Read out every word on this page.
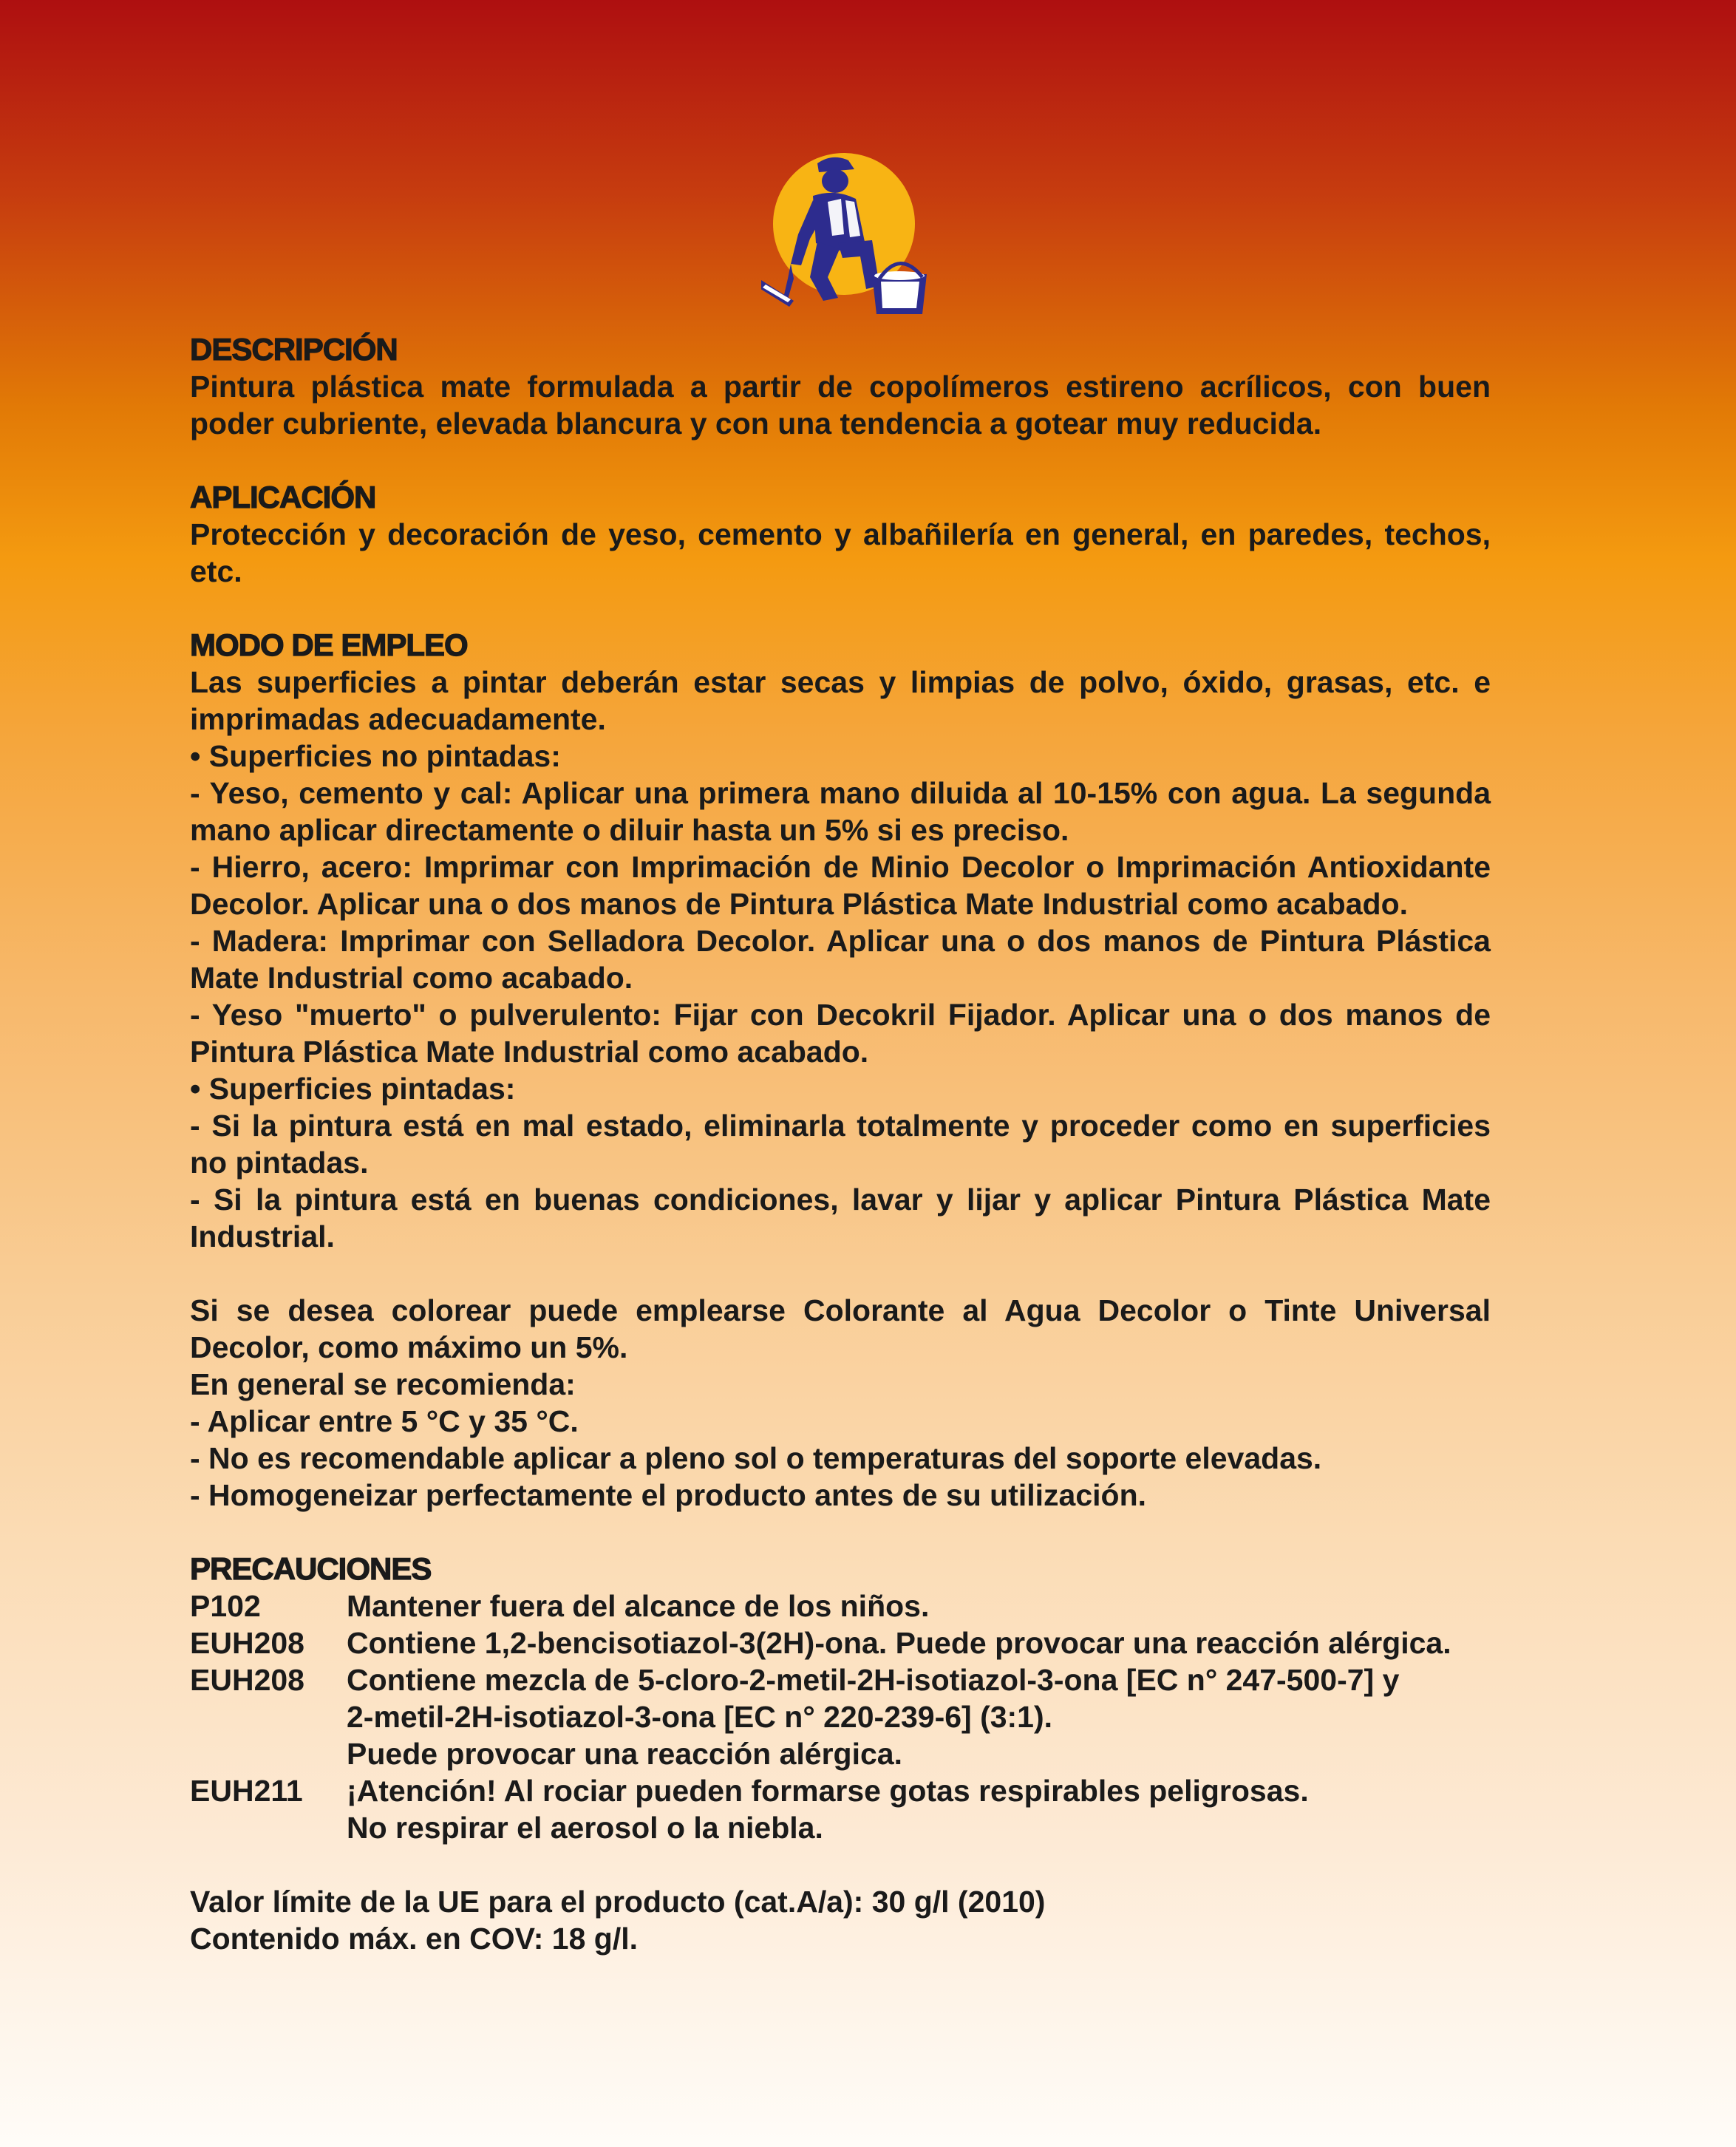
DESCRIPCIÓN

Pintura plástica mate formulada a partir de copolímeros estireno acrílicos, con buen poder cubriente, elevada blancura y con una tendencia a gotear muy reducida.

APLICACIÓN

Protección y decoración de yeso, cemento y albañilería en general, en paredes, techos, etc.

MODO DE EMPLEO

Las superficies a pintar deberán estar secas y limpias de polvo, óxido, grasas, etc. e imprimadas adecuadamente.

• Superficies no pintadas:

- Yeso, cemento y cal: Aplicar una primera mano diluida al 10-15% con agua. La segunda mano aplicar directamente o diluir hasta un 5% si es preciso.

- Hierro, acero: Imprimar con Imprimación de Minio Decolor o Imprimación Antioxidante Decolor. Aplicar una o dos manos de Pintura Plástica Mate Industrial como acabado.

- Madera: Imprimar con Selladora Decolor. Aplicar una o dos manos de Pintura Plástica Mate Industrial como acabado.

- Yeso "muerto" o pulverulento: Fijar con Decokril Fijador. Aplicar una o dos manos de Pintura Plástica Mate Industrial como acabado.

• Superficies pintadas:

- Si la pintura está en mal estado, eliminarla totalmente y proceder como en superficies no pintadas.

- Si la pintura está en buenas condiciones, lavar y lijar y aplicar Pintura Plástica Mate Industrial.

Si se desea colorear puede emplearse Colorante al Agua Decolor o Tinte Universal Decolor, como máximo un 5%.

En general se recomienda:

- Aplicar entre 5 °C y 35 °C.

- No es recomendable aplicar a pleno sol o temperaturas del soporte elevadas.

- Homogeneizar perfectamente el producto antes de su utilización.

PRECAUCIONES
P102	Mantener fuera del alcance de los niños.
EUH208	Contiene 1,2-bencisotiazol-3(2H)-ona. Puede provocar una reacción alérgica.
EUH208	Contiene mezcla de 5-cloro-2-metil-2H-isotiazol-3-ona [EC n° 247-500-7] y
2-metil-2H-isotiazol-3-ona [EC n° 220-239-6] (3:1).
Puede provocar una reacción alérgica.
EUH211	¡Atención! Al rociar pueden formarse gotas respirables peligrosas.
No respirar el aerosol o la niebla.

Valor límite de la UE para el producto (cat.A/a): 30 g/l (2010)

Contenido máx. en COV: 18 g/l.
